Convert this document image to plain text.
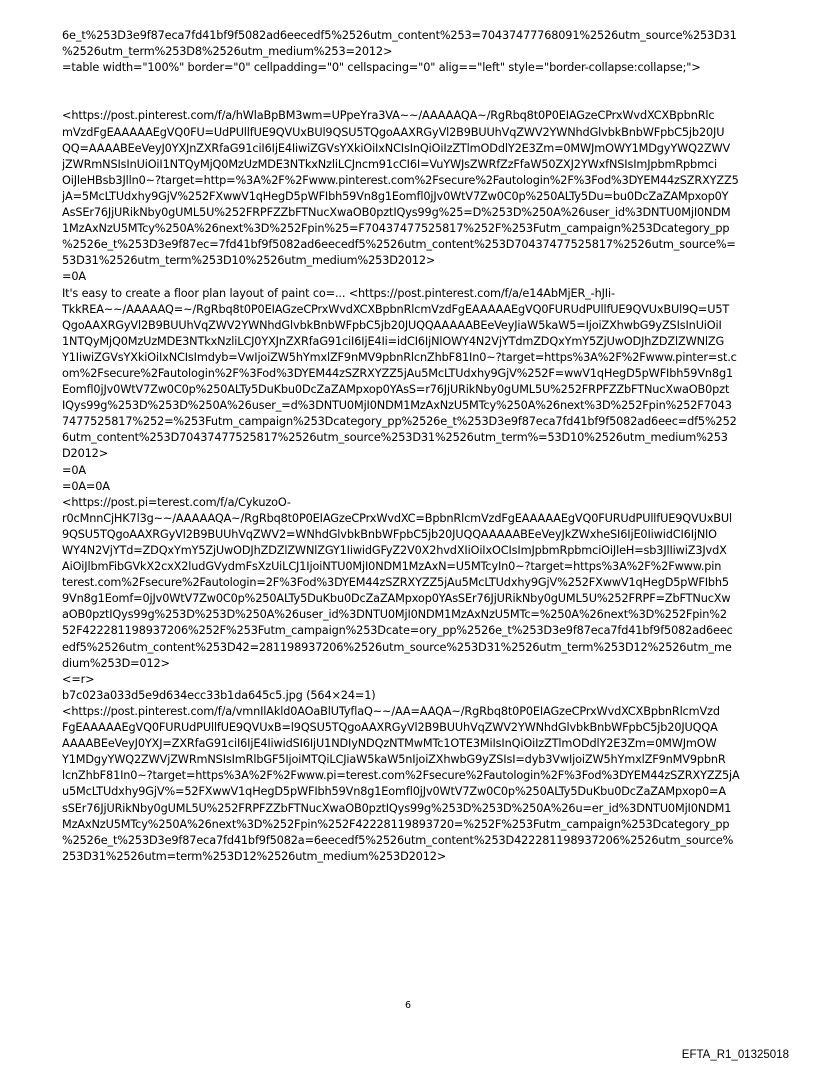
6e_t%253D3e9f87eca7fd41bf9f5082ad6eecedf5%2526utm_content%253=70437477768091%2526utm_source%253D31
%2526utm_term%253D8%2526utm_medium%253=2012>
=table width="100%" border="0" cellpadding="0" cellspacing="0" alig=="left" style="border-collapse:collapse;">
<https://post.pinterest.com/f/a/hWlaBpBM3wm=UPpeYra3VA~~/AAAAAQA~/RgRbq8t0P0EIAGzeCPrxWvdXCXBpbnRlc
mVzdFgEAAAAAEgVQ0FU=UdPUllfUE9QVUxBUl9QSU5TQgoAAXRGyVl2B9BUUhVqZWV2YWNhdGlvbkBnbWFpbC5jb20JU
QQ=AAAABEeVeyJ0YXJnZXRfaG91ciI6IjE4IiwiZGVsYXkiOiIxNCIsInQiOiIzZTlmODdlY2E3Zm=0MWJmOWY1MDgyYWQ2ZWV
jZWRmNSIsInUiOiI1NTQyMjQ0MzUzMDE3NTkxNzliLCJncm91cCI6I=VuYWJsZWRfZzFfaW50ZXJ2YWxfNSIsImJpbmRpbmci
OiJleHBsb3Jlln0~?target=http=%3A%2F%2Fwww.pinterest.com%2Fsecure%2Fautologin%2F%3Fod%3DYEM44zSZRXYZZ5
jA=5McLTUdxhy9GjV%252FXwwV1qHegD5pWFIbh59Vn8g1Eomfl0jJv0WtV7Zw0C0p%250ALTy5Du=bu0DcZaZAMpxop0Y
AsSEr76JjURikNby0gUML5U%252FRPFZZbFTNucXwaOB0pztIQys99g%25=D%253D%250A%26user_id%3DNTU0MjI0NDM
1MzAxNzU5MTcy%250A%26next%3D%252Fpin%25=F70437477525817%252F%253Futm_campaign%253Dcategory_pp
%2526e_t%253D3e9f87ec=7fd41bf9f5082ad6eecedf5%2526utm_content%253D70437477525817%2526utm_source%=
53D31%2526utm_term%253D10%2526utm_medium%253D2012>
=0A
It's easy to create a floor plan layout of paint co=... <https://post.pinterest.com/f/a/e14AbMjER_-hJIi-
TkkREA~~/AAAAAQ=~/RgRbq8t0P0EIAGzeCPrxWvdXCXBpbnRlcmVzdFgEAAAAAEgVQ0FURUdPUllfUE9QVUxBUl9Q=U5T
QgoAAXRGyVl2B9BUUhVqZWV2YWNhdGlvbkBnbWFpbC5jb20JUQQAAAAABEeVeyJiaW5kaW5=IjoiZXhwbG9yZSIsInUiOiI
1NTQyMjQ0MzUzMDE3NTkxNzliLCJ0YXJnZXRfaG91ciI6IjE4Ii=idCI6IjNlOWY4N2VjYTdmZDQxYmY5ZjUwODJhZDZlZWNlZG
Y1IiwiZGVsYXkiOiIxNCIsImdyb=VwIjoiZW5hYmxlZF9nMV9pbnRlcnZhbF81In0~?target=https%3A%2F%2Fwww.pinter=st.c
om%2Fsecure%2Fautologin%2F%3Fod%3DYEM44zSZRXYZZ5jAu5McLTUdxhy9GjV%252F=wwV1qHegD5pWFIbh59Vn8g1
Eomfl0jJv0WtV7Zw0C0p%250ALTy5DuKbu0DcZaZAMpxop0YAsS=r76JjURikNby0gUML5U%252FRPFZZbFTNucXwaOB0pzt
IQys99g%253D%253D%250A%26user_=d%3DNTU0MjI0NDM1MzAxNzU5MTcy%250A%26next%3D%252Fpin%252F7043
7477525817%252=%253Futm_campaign%253Dcategory_pp%2526e_t%253D3e9f87eca7fd41bf9f5082ad6eec=df5%252
6utm_content%253D70437477525817%2526utm_source%253D31%2526utm_term%=53D10%2526utm_medium%253
D2012>
=0A
=0A=0A
<https://post.pi=terest.com/f/a/CykuzoO-
r0cMnnCjHK7l3g~~/AAAAAQA~/RgRbq8t0P0EIAGzeCPrxWvdXC=BpbnRlcmVzdFgEAAAAAEgVQ0FURUdPUllfUE9QVUxBUl
9QSU5TQgoAAXRGyVl2B9BUUhVqZWV2=WNhdGlvbkBnbWFpbC5jb20JUQQAAAAABEeVeyJkZWxheSI6IjE0IiwidCI6IjNlO
WY4N2VjYTd=ZDQxYmY5ZjUwODJhZDZlZWNlZGY1IiwidGFyZ2V0X2hvdXIiOiIxOCIsImJpbmRpbmciOiJleH=sb3JlIiwiZ3JvdX
AiOiJlbmFibGVkX2cxX2ludGVydmFsXzUiLCJ1IjoiNTU0MjI0NDM1MzAxN=U5MTcyIn0~?target=https%3A%2F%2Fwww.pin
terest.com%2Fsecure%2Fautologin=2F%3Fod%3DYEM44zSZRXYZZ5jAu5McLTUdxhy9GjV%252FXwwV1qHegD5pWFIbh5
9Vn8g1Eomf=0jJv0WtV7Zw0C0p%250ALTy5DuKbu0DcZaZAMpxop0YAsSEr76JjURikNby0gUML5U%252FRPF=ZbFTNucXw
aOB0pztIQys99g%253D%253D%250A%26user_id%3DNTU0MjI0NDM1MzAxNzU5MTc=%250A%26next%3D%252Fpin%2
52F422281198937206%252F%253Futm_campaign%253Dcate=ory_pp%2526e_t%253D3e9f87eca7fd41bf9f5082ad6eec
edf5%2526utm_content%253D42=281198937206%2526utm_source%253D31%2526utm_term%253D12%2526utm_me
dium%253D=012>
<=r>
b7c023a033d5e9d634ecc33b1da645c5.jpg (564×24=1)
<https://post.pinterest.com/f/a/vmnIlAkld0AOaBlUTyflaQ~~/AA=AAQA~/RgRbq8t0P0EIAGzeCPrxWvdXCXBpbnRlcmVzd
FgEAAAAAEgVQ0FURUdPUllfUE9QVUxB=l9QSU5TQgoAAXRGyVl2B9BUUhVqZWV2YWNhdGlvbkBnbWFpbC5jb20JUQQA
AAAABEeVeyJ0YXJ=ZXRfaG91ciI6IjE4IiwidSI6IjU1NDIyNDQzNTMwMTc1OTE3MiIsInQiOiIzZTlmODdlY2E3Zm=0MWJmOW
Y1MDgyYWQ2ZWVjZWRmNSIsImRlbGF5IjoiMTQiLCJiaW5kaW5nIjoiZXhwbG9yZSIsI=dyb3VwIjoiZW5hYmxlZF9nMV9pbnR
lcnZhbF81In0~?target=https%3A%2F%2Fwww.pi=terest.com%2Fsecure%2Fautologin%2F%3Fod%3DYEM44zSZRXYZZ5jA
u5McLTUdxhy9GjV%=52FXwwV1qHegD5pWFIbh59Vn8g1Eomfl0jJv0WtV7Zw0C0p%250ALTy5DuKbu0DcZaZAMpxop0=A
sSEr76JjURikNby0gUML5U%252FRPFZZbFTNucXwaOB0pztIQys99g%253D%253D%250A%26u=er_id%3DNTU0MjI0NDM1
MzAxNzU5MTcy%250A%26next%3D%252Fpin%252F42228119893720=%252F%253Futm_campaign%253Dcategory_pp
%2526e_t%253D3e9f87eca7fd41bf9f5082a=6eecedf5%2526utm_content%253D422281198937206%2526utm_source%
253D31%2526utm=term%253D12%2526utm_medium%253D2012>
6
EFTA_R1_01325018
